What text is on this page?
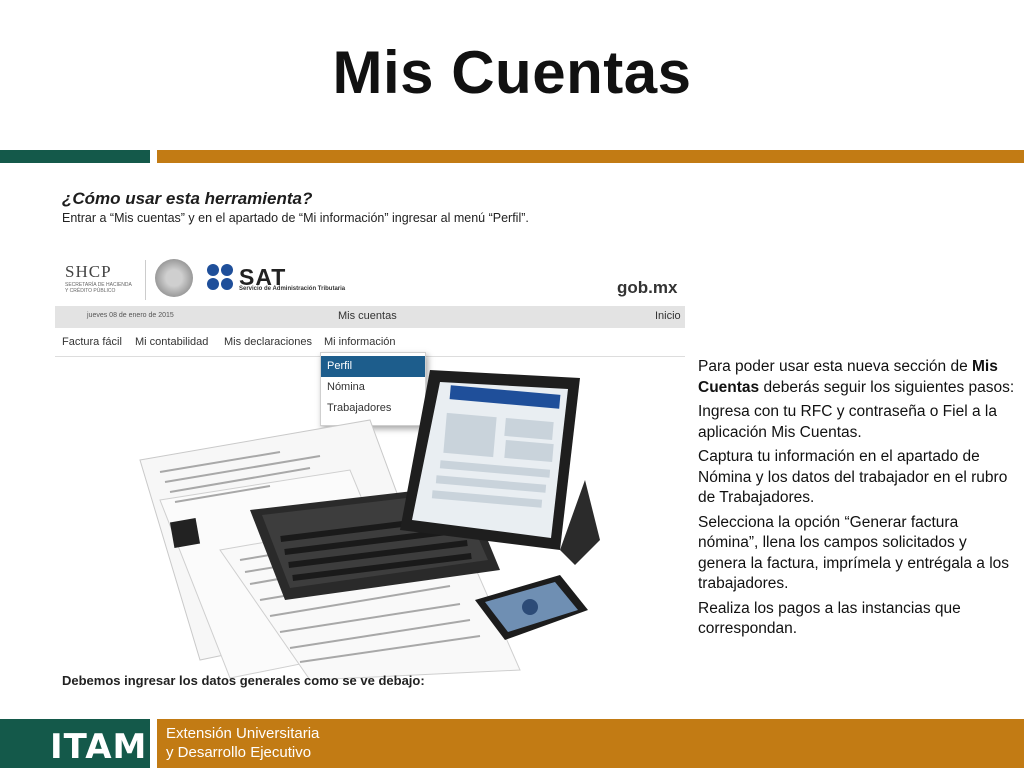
Mis Cuentas
¿Cómo usar esta herramienta?
Entrar a “Mis cuentas” y en el apartado de “Mi información” ingresar al menú “Perfil”.
SHCP
SECRETARÍA DE HACIENDA Y CRÉDITO PÚBLICO
SAT
Servicio de Administración Tributaria	gob.mx
jueves 08 de enero de 2015	Mis cuentas	Inicio
Factura fácil Mi contabilidad Mis declaraciones Mi información
Perfil
Nómina
Trabajadores

Para poder usar esta nueva sección de Mis Cuentas deberás seguir los siguientes pasos:

Ingresa con tu RFC y contraseña o Fiel a la aplicación Mis Cuentas.

Captura tu información en el apartado de Nómina y los datos del trabajador en el rubro de Trabajadores.

Selecciona la opción “Generar factura nómina”, llena los campos solicitados y genera la factura, imprímela y entrégala a los trabajadores.

Realiza los pagos a las instancias que correspondan.

Debemos ingresar los datos generales como se ve debajo:
ITAM Extensión Universitaria
y Desarrollo Ejecutivo
